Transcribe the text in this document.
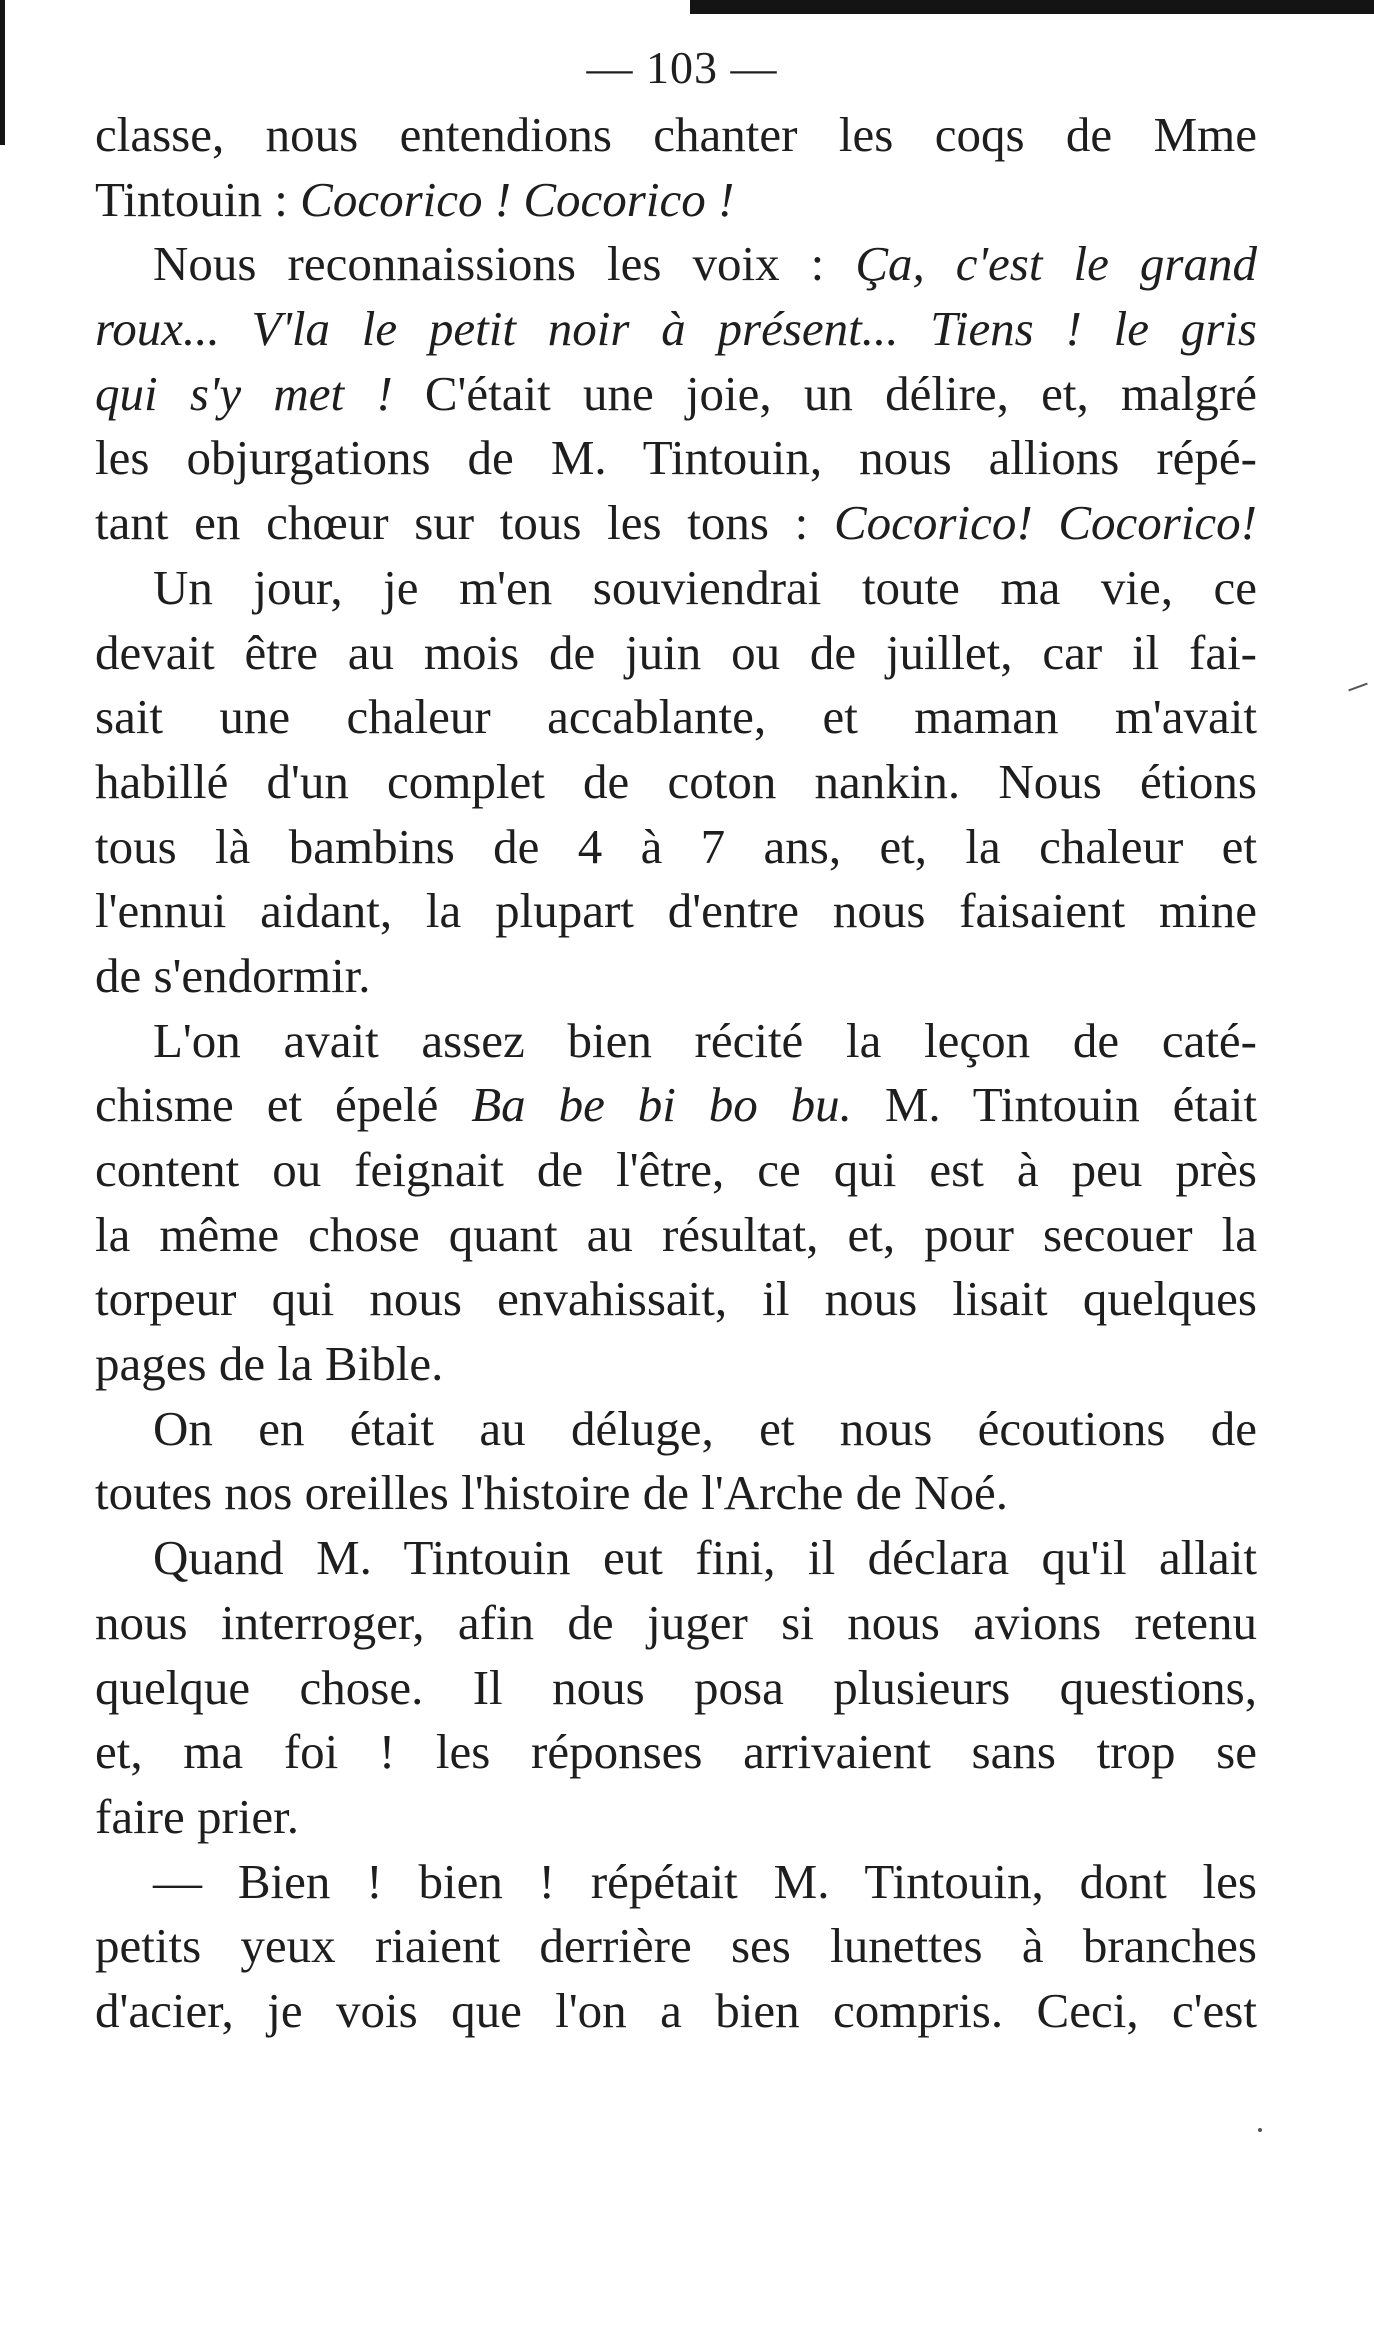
— 103 —
classe, nous entendions chanter les coqs de Mme
Tintouin : Cocorico ! Cocorico !
Nous reconnaissions les voix : Ça, c'est le grand
roux... V'la le petit noir à présent... Tiens ! le gris
qui s'y met ! C'était une joie, un délire, et, malgré
les objurgations de M. Tintouin, nous allions répé-
tant en chœur sur tous les tons : Cocorico! Cocorico!
Un jour, je m'en souviendrai toute ma vie, ce
devait être au mois de juin ou de juillet, car il fai-
sait une chaleur accablante, et maman m'avait
habillé d'un complet de coton nankin. Nous étions
tous là bambins de 4 à 7 ans, et, la chaleur et
l'ennui aidant, la plupart d'entre nous faisaient mine
de s'endormir.
L'on avait assez bien récité la leçon de caté-
chisme et épelé Ba be bi bo bu. M. Tintouin était
content ou feignait de l'être, ce qui est à peu près
la même chose quant au résultat, et, pour secouer la
torpeur qui nous envahissait, il nous lisait quelques
pages de la Bible.
On en était au déluge, et nous écoutions de
toutes nos oreilles l'histoire de l'Arche de Noé.
Quand M. Tintouin eut fini, il déclara qu'il allait
nous interroger, afin de juger si nous avions retenu
quelque chose. Il nous posa plusieurs questions,
et, ma foi ! les réponses arrivaient sans trop se
faire prier.
— Bien ! bien ! répétait M. Tintouin, dont les
petits yeux riaient derrière ses lunettes à branches
d'acier, je vois que l'on a bien compris. Ceci, c'est
